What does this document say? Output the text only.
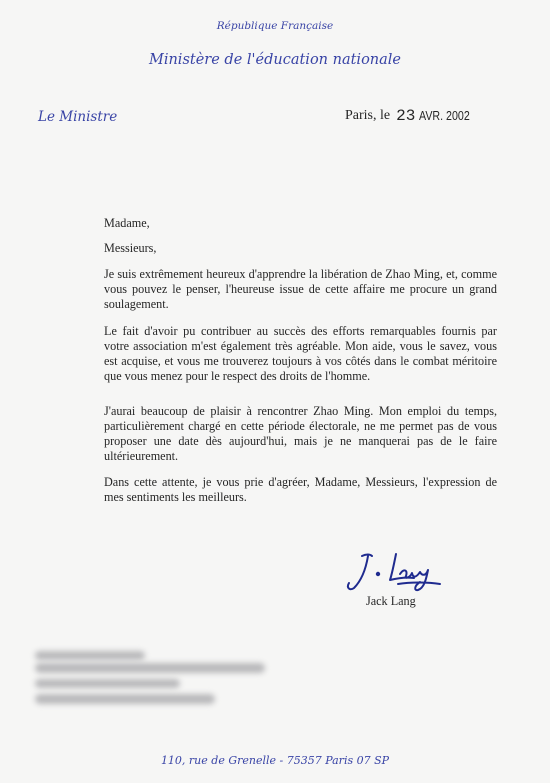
République Française
Ministère de l'éducation nationale
Le Ministre	Paris, le 23 AVR. 2002
Madame,
Messieurs,
Je suis extrêmement heureux d'apprendre la libération de Zhao Ming, et, comme vous pouvez le penser, l'heureuse issue de cette affaire me procure un grand soulagement.
Le fait d'avoir pu contribuer au succès des efforts remarquables fournis par votre association m'est également très agréable. Mon aide, vous le savez, vous est acquise, et vous me trouverez toujours à vos côtés dans le combat méritoire que vous menez pour le respect des droits de l'homme.
J'aurai beaucoup de plaisir à rencontrer Zhao Ming. Mon emploi du temps, particulièrement chargé en cette période électorale, ne me permet pas de vous proposer une date dès aujourd'hui, mais je ne manquerai pas de le faire ultérieurement.
Dans cette attente, je vous prie d'agréer, Madame, Messieurs, l'expression de mes sentiments les meilleurs.
Jack Lang
110, rue de Grenelle - 75357 Paris 07 SP
